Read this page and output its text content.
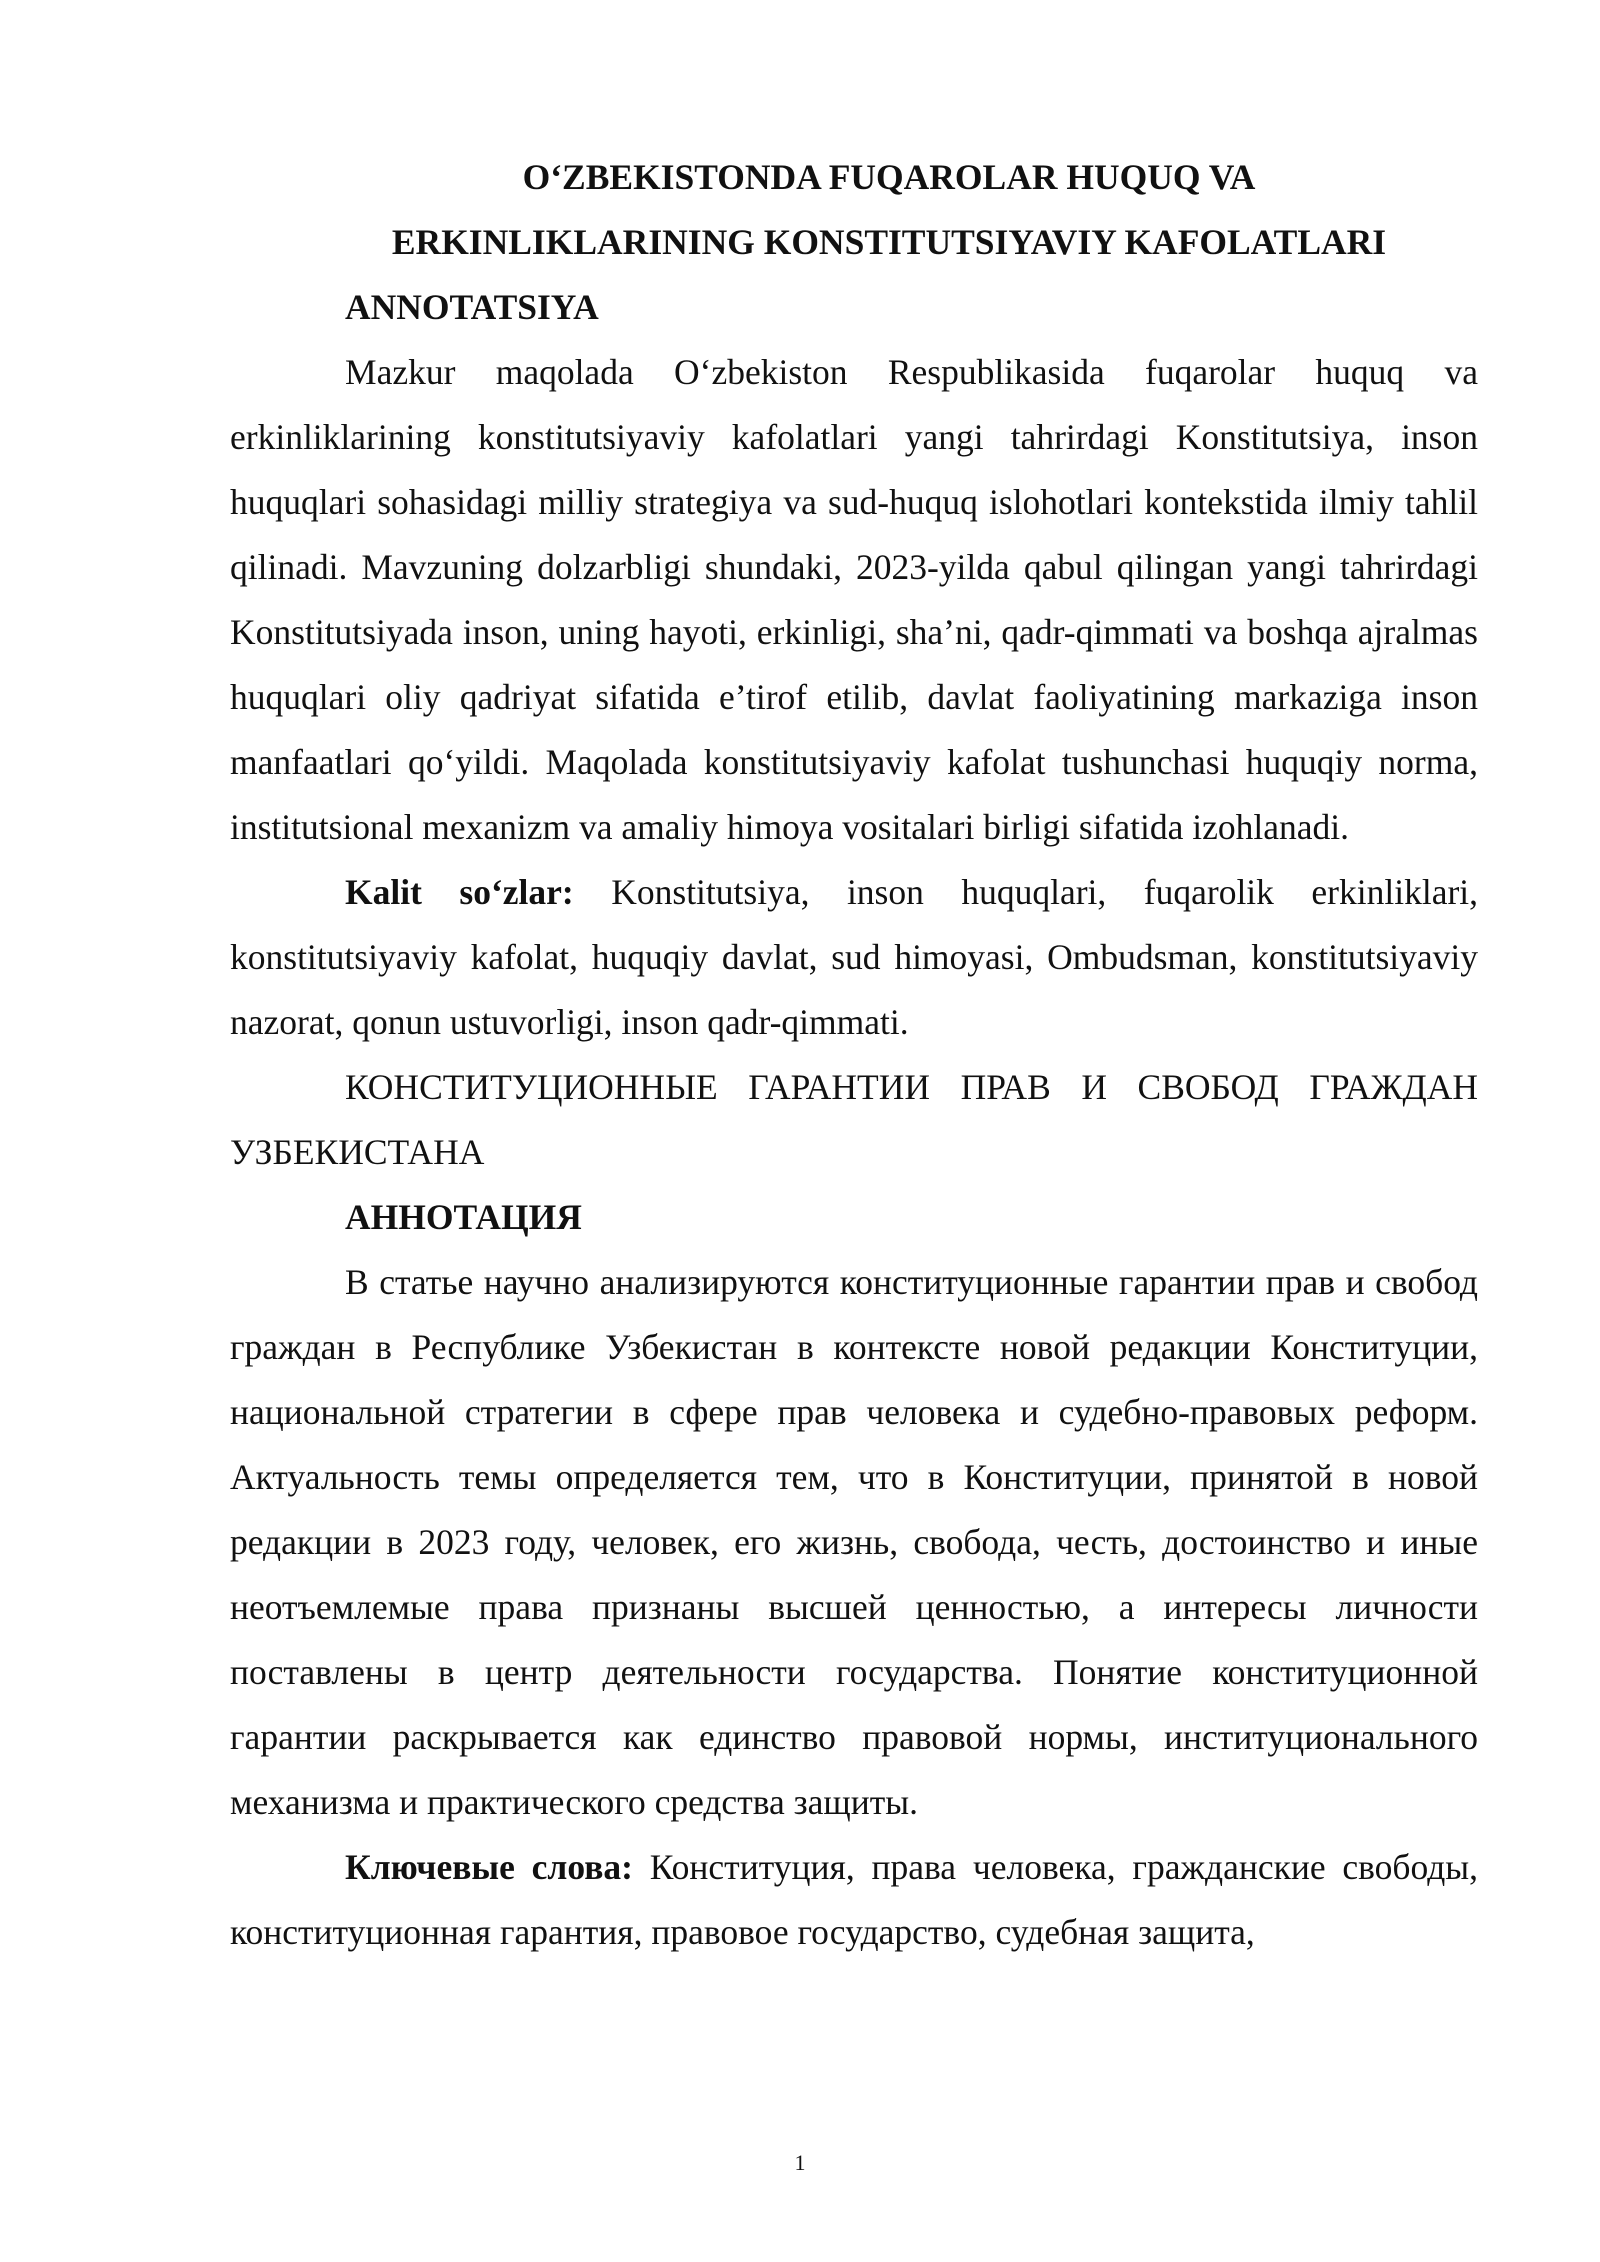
O‘ZBEKISTONDA FUQAROLAR HUQUQ VA
ERKINLIKLARINING KONSTITUTSIYAVIY KAFOLATLARI

ANNOTATSIYA

Mazkur maqolada O‘zbekiston Respublikasida fuqarolar huquq va erkinliklarining konstitutsiyaviy kafolatlari yangi tahrirdagi Konstitutsiya, inson huquqlari sohasidagi milliy strategiya va sud-huquq islohotlari kontekstida ilmiy tahlil qilinadi. Mavzuning dolzarbligi shundaki, 2023-yilda qabul qilingan yangi tahrirdagi Konstitutsiyada inson, uning hayoti, erkinligi, sha’ni, qadr-qimmati va boshqa ajralmas huquqlari oliy qadriyat sifatida e’tirof etilib, davlat faoliyatining markaziga inson manfaatlari qo‘yildi. Maqolada konstitutsiyaviy kafolat tushunchasi huquqiy norma, institutsional mexanizm va amaliy himoya vositalari birligi sifatida izohlanadi.

Kalit so‘zlar: Konstitutsiya, inson huquqlari, fuqarolik erkinliklari, konstitutsiyaviy kafolat, huquqiy davlat, sud himoyasi, Ombudsman, konstitutsiyaviy nazorat, qonun ustuvorligi, inson qadr-qimmati.

КОНСТИТУЦИОННЫЕ ГАРАНТИИ ПРАВ И СВОБОД ГРАЖДАН УЗБЕКИСТАНА

АННОТАЦИЯ

В статье научно анализируются конституционные гарантии прав и свобод граждан в Республике Узбекистан в контексте новой редакции Конституции, национальной стратегии в сфере прав человека и судебно-правовых реформ. Актуальность темы определяется тем, что в Конституции, принятой в новой редакции в 2023 году, человек, его жизнь, свобода, честь, достоинство и иные неотъемлемые права признаны высшей ценностью, а интересы личности поставлены в центр деятельности государства. Понятие конституционной гарантии раскрывается как единство правовой нормы, институционального механизма и практического средства защиты.

Ключевые слова: Конституция, права человека, гражданские свободы, конституционная гарантия, правовое государство, судебная защита,

1
